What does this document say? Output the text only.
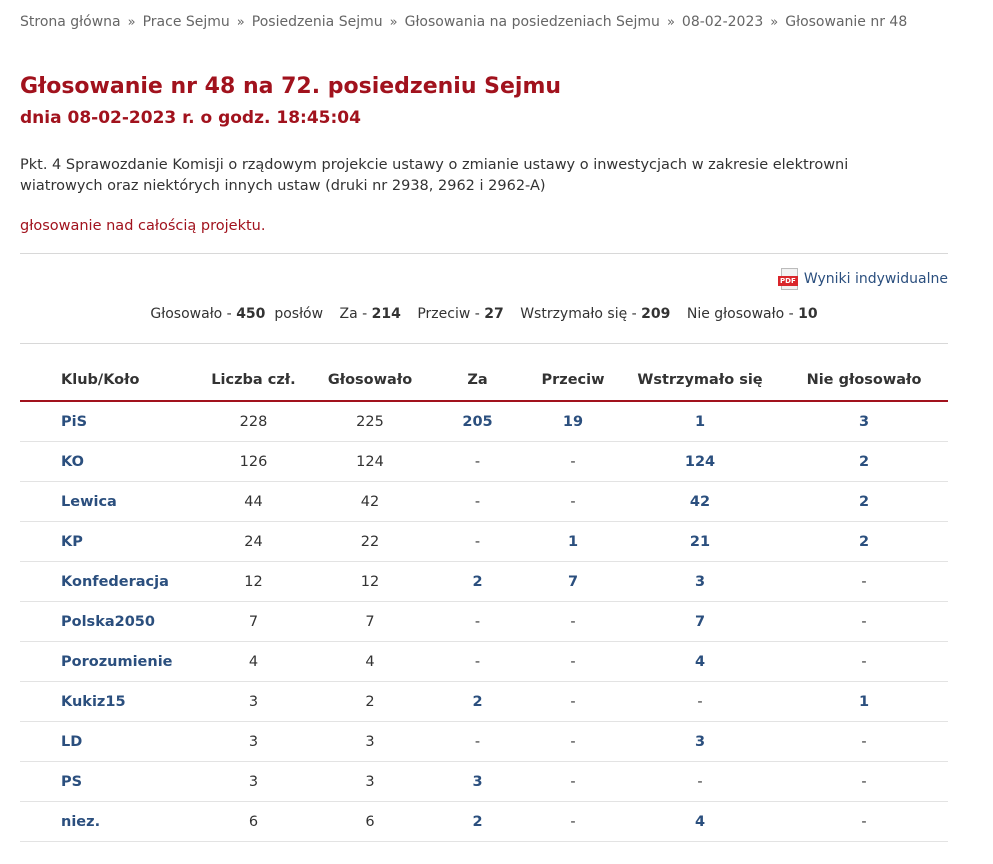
Strona główna » Prace Sejmu » Posiedzenia Sejmu » Głosowania na posiedzeniach Sejmu » 08-02-2023 » Głosowanie nr 48
Głosowanie nr 48 na 72. posiedzeniu Sejmu
dnia 08-02-2023 r. o godz. 18:45:04
Pkt. 4 Sprawozdanie Komisji o rządowym projekcie ustawy o zmianie ustawy o inwestycjach w zakresie elektrowni wiatrowych oraz niektórych innych ustaw (druki nr 2938, 2962 i 2962-A)
głosowanie nad całością projektu.
PDF Wyniki indywidualne
Głosowało - 450 posłów Za - 214 Przeciw - 27 Wstrzymało się - 209 Nie głosowało - 10
Klub/Koło	Liczba czł.	Głosowało	Za	Przeciw	Wstrzymało się	Nie głosowało
PiS	228	225	205	19	1	3
KO	126	124	-	-	124	2
Lewica	44	42	-	-	42	2
KP	24	22	-	1	21	2
Konfederacja	12	12	2	7	3	-
Polska2050	7	7	-	-	7	-
Porozumienie	4	4	-	-	4	-
Kukiz15	3	2	2	-	-	1
LD	3	3	-	-	3	-
PS	3	3	3	-	-	-
niez.	6	6	2	-	4	-
